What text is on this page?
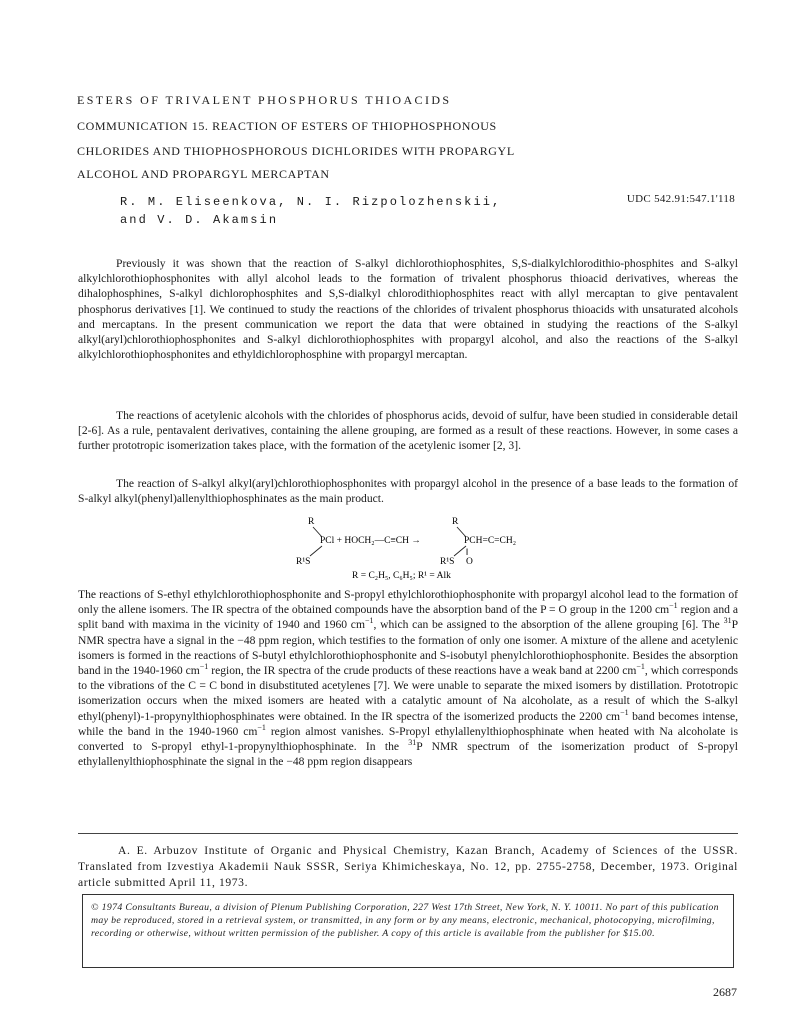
ESTERS OF TRIVALENT PHOSPHORUS THIOACIDS
COMMUNICATION 15. REACTION OF ESTERS OF THIOPHOSPHONOUS
CHLORIDES AND THIOPHOSPHOROUS DICHLORIDES WITH PROPARGYL
ALCOHOL AND PROPARGYL MERCAPTAN
R. M. Eliseenkova, N. I. Rizpolozhenskii,
and V. D. Akamsin
UDC 542.91:547.1'118

Previously it was shown that the reaction of S-alkyl dichlorothiophosphites, S,S-dialkylchlorodithio-phosphites and S-alkyl alkylchlorothiophosphonites with allyl alcohol leads to the formation of trivalent phosphorus thioacid derivatives, whereas the dihalophosphines, S-alkyl dichlorophosphites and S,S-dialkyl chlorodithiophosphites react with allyl mercaptan to give pentavalent phosphorus derivatives [1]. We continued to study the reactions of the chlorides of trivalent phosphorus thioacids with unsaturated alcohols and mercaptans. In the present communication we report the data that were obtained in studying the reactions of the S-alkyl alkyl(aryl)chlorothiophosphonites and S-alkyl dichlorothiophosphites with propargyl alcohol, and also the reactions of the S-alkyl alkylchlorothiophosphonites and ethyldichlorophosphine with propargyl mercaptan.

The reactions of acetylenic alcohols with the chlorides of phosphorus acids, devoid of sulfur, have been studied in considerable detail [2-6]. As a rule, pentavalent derivatives, containing the allene grouping, are formed as a result of these reactions. However, in some cases a further prototropic isomerization takes place, with the formation of the acetylenic isomer [2, 3].

The reaction of S-alkyl alkyl(aryl)chlorothiophosphonites with propargyl alcohol in the presence of a base leads to the formation of S-alkyl alkyl(phenyl)allenylthiophosphinates as the main product.

R
PCl + HOCH₂—C≡CH →
R¹S
R
PCH=C=CH₂
‖
R¹S O
R = C₂H₅, C₆H₅; R¹ = Alk

The reactions of S-ethyl ethylchlorothiophosphonite and S-propyl ethylchlorothiophosphonite with propargyl alcohol lead to the formation of only the allene isomers. The IR spectra of the obtained compounds have the absorption band of the P = O group in the 1200 $cm^{-1}$ region and a split band with maxima in the vicinity of 1940 and 1960 $cm^{-1}$, which can be assigned to the absorption of the allene grouping [6]. The $^{31}$P NMR spectra have a signal in the −48 ppm region, which testifies to the formation of only one isomer. A mixture of the allene and acetylenic isomers is formed in the reactions of S-butyl ethylchlorothiophosphonite and S-isobutyl phenylchlorothiophosphonite. Besides the absorption band in the 1940-1960 $cm^{-1}$ region, the IR spectra of the crude products of these reactions have a weak band at 2200 $cm^{-1}$, which corresponds to the vibrations of the C = C bond in disubstituted acetylenes [7]. We were unable to separate the mixed isomers by distillation. Prototropic isomerization occurs when the mixed isomers are heated with a catalytic amount of Na alcoholate, as a result of which the S-alkyl ethyl(phenyl)-1-propynylthiophosphinates were obtained. In the IR spectra of the isomerized products the 2200 $cm^{-1}$ band becomes intense, while the band in the 1940-1960 $cm^{-1}$ region almost vanishes. S-Propyl ethylallenylthiophosphinate when heated with Na alcoholate is converted to S-propyl ethyl-1-propynylthiophosphinate. In the $^{31}$P NMR spectrum of the isomerization product of S-propyl ethylallenylthiophosphinate the signal in the −48 ppm region disappears

A. E. Arbuzov Institute of Organic and Physical Chemistry, Kazan Branch, Academy of Sciences of the USSR. Translated from Izvestiya Akademii Nauk SSSR, Seriya Khimicheskaya, No. 12, pp. 2755-2758, December, 1973. Original article submitted April 11, 1973.

© 1974 Consultants Bureau, a division of Plenum Publishing Corporation, 227 West 17th Street, New York, N. Y. 10011. No part of this publication may be reproduced, stored in a retrieval system, or transmitted, in any form or by any means, electronic, mechanical, photocopying, microfilming, recording or otherwise, without written permission of the publisher. A copy of this article is available from the publisher for $15.00.
2687
